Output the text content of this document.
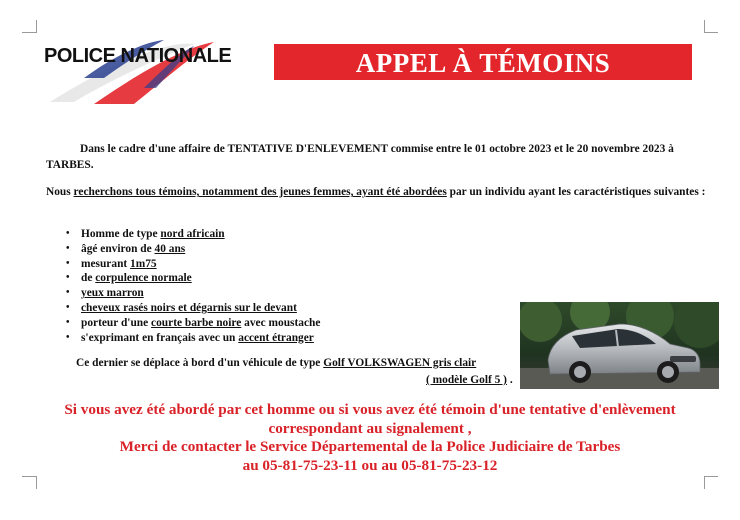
POLICE NATIONALE	APPEL À TÉMOINS
Dans le cadre d'une affaire de TENTATIVE D'ENLEVEMENT commise entre le 01 octobre 2023 et le 20 novembre 2023 à TARBES.
Nous recherchons tous témoins, notamment des jeunes femmes, ayant été abordées par un individu ayant les caractéristiques suivantes :
• Homme de type nord africain
• âgé environ de 40 ans
• mesurant 1m75
• de corpulence normale
• yeux marron
• cheveux rasés noirs et dégarnis sur le devant
• porteur d'une courte barbe noire avec moustache
• s'exprimant en français avec un accent étranger
Ce dernier se déplace à bord d'un véhicule de type Golf VOLKSWAGEN gris clair
( modèle Golf 5 ) .
Si vous avez été abordé par cet homme ou si vous avez été témoin d'une tentative d'enlèvement
correspondant au signalement ,
Merci de contacter le Service Départemental de la Police Judiciaire de Tarbes
au 05-81-75-23-11 ou au 05-81-75-23-12
